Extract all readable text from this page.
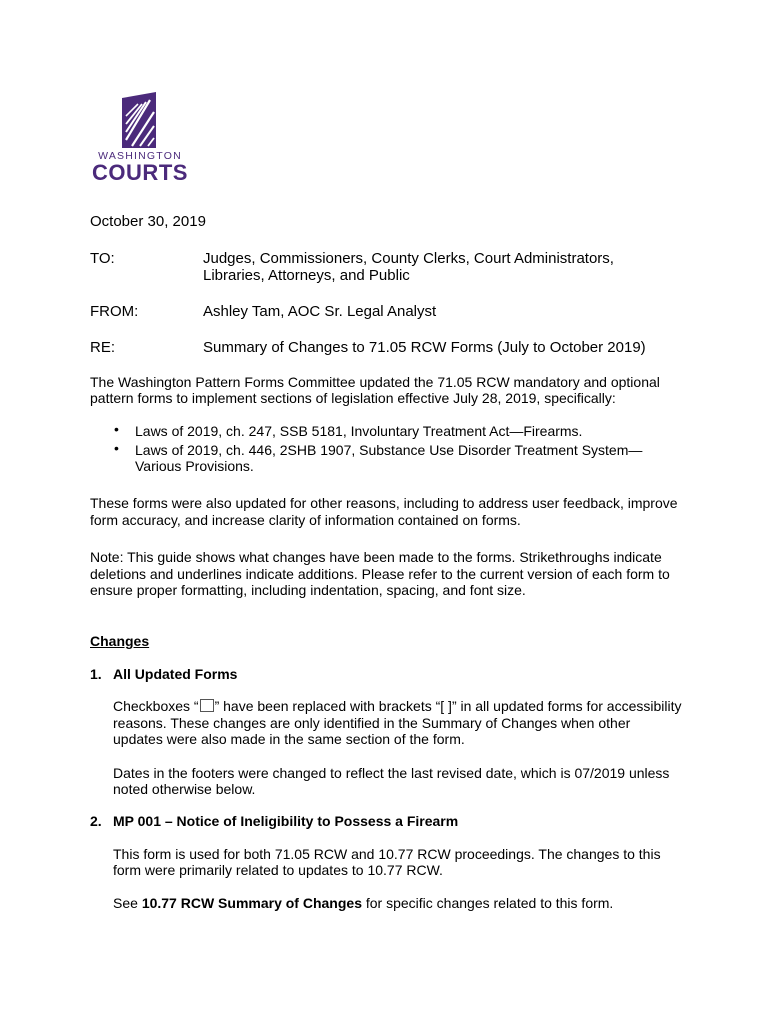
WASHINGTON
COURTS
October 30, 2019
TO:	Judges, Commissioners, County Clerks, Court Administrators,
Libraries, Attorneys, and Public
FROM:	Ashley Tam, AOC Sr. Legal Analyst
RE:	Summary of Changes to 71.05 RCW Forms (July to October 2019)
The Washington Pattern Forms Committee updated the 71.05 RCW mandatory and optional
pattern forms to implement sections of legislation effective July 28, 2019, specifically:
• Laws of 2019, ch. 247, SSB 5181, Involuntary Treatment Act—Firearms.
• Laws of 2019, ch. 446, 2SHB 1907, Substance Use Disorder Treatment System—
Various Provisions.
These forms were also updated for other reasons, including to address user feedback, improve
form accuracy, and increase clarity of information contained on forms.
Note: This guide shows what changes have been made to the forms. Strikethroughs indicate
deletions and underlines indicate additions. Please refer to the current version of each form to
ensure proper formatting, including indentation, spacing, and font size.
Changes
1. All Updated Forms
Checkboxes “ ” have been replaced with brackets “[ ]” in all updated forms for accessibility
reasons. These changes are only identified in the Summary of Changes when other
updates were also made in the same section of the form.
Dates in the footers were changed to reflect the last revised date, which is 07/2019 unless
noted otherwise below.
2. MP 001 – Notice of Ineligibility to Possess a Firearm
This form is used for both 71.05 RCW and 10.77 RCW proceedings. The changes to this
form were primarily related to updates to 10.77 RCW.
See 10.77 RCW Summary of Changes for specific changes related to this form.
